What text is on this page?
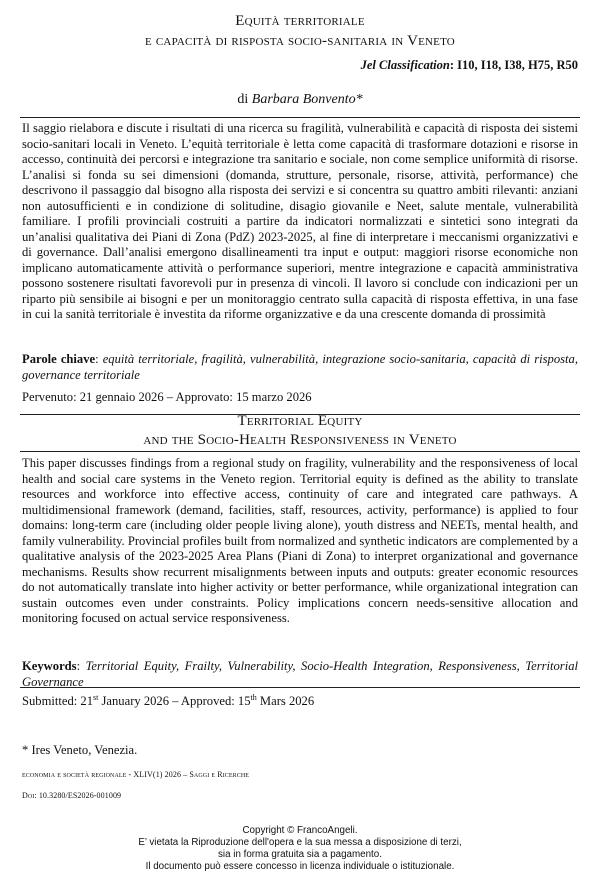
Equità territoriale
e capacità di risposta socio-sanitaria in Veneto
Jel Classification: I10, I18, I38, H75, R50
di Barbara Bonvento*
Il saggio rielabora e discute i risultati di una ricerca su fragilità, vulnerabilità e capacità di risposta dei sistemi socio-sanitari locali in Veneto. L’equità territoriale è letta come capacità di trasformare dotazioni e risorse in accesso, continuità dei percorsi e integrazione tra sanitario e sociale, non come semplice uniformità di risorse. L’analisi si fonda su sei dimensioni (domanda, strutture, personale, risorse, attività, performance) che descrivono il passaggio dal bisogno alla risposta dei servizi e si concentra su quattro ambiti rilevanti: anziani non autosufficienti e in condizione di solitudine, disagio giovanile e Neet, salute mentale, vulnerabilità familiare. I profili provinciali costruiti a partire da indicatori normalizzati e sintetici sono integrati da un’analisi qualitativa dei Piani di Zona (PdZ) 2023-2025, al fine di interpretare i meccanismi organizzativi e di governance. Dall’analisi emergono disallineamenti tra input e output: maggiori risorse economiche non implicano automaticamente attività o performance superiori, mentre integrazione e capacità amministrativa possono sostenere risultati favorevoli pur in presenza di vincoli. Il lavoro si conclude con indicazioni per un riparto più sensibile ai bisogni e per un monitoraggio centrato sulla capacità di risposta effettiva, in una fase in cui la sanità territoriale è investita da riforme organizzative e da una crescente domanda di prossimità
Parole chiave: equità territoriale, fragilità, vulnerabilità, integrazione socio-sanitaria, capacità di risposta, governance territoriale
Pervenuto: 21 gennaio 2026 – Approvato: 15 marzo 2026
Territorial Equity
and the Socio-Health Responsiveness in Veneto
This paper discusses findings from a regional study on fragility, vulnerability and the responsiveness of local health and social care systems in the Veneto region. Territorial equity is defined as the ability to translate resources and workforce into effective access, continuity of care and integrated care pathways. A multidimensional framework (demand, facilities, staff, resources, activity, performance) is applied to four domains: long-term care (including older people living alone), youth distress and NEETs, mental health, and family vulnerability. Provincial profiles built from normalized and synthetic indicators are complemented by a qualitative analysis of the 2023-2025 Area Plans (Piani di Zona) to interpret organizational and governance mechanisms. Results show recurrent misalignments between inputs and outputs: greater economic resources do not automatically translate into higher activity or better performance, while organizational integration can sustain outcomes even under constraints. Policy implications concern needs-sensitive allocation and monitoring focused on actual service responsiveness.
Keywords: Territorial Equity, Frailty, Vulnerability, Socio-Health Integration, Responsiveness, Territorial Governance
Submitted: 21st January 2026 – Approved: 15th Mars 2026
* Ires Veneto, Venezia.
economia e società regionale - XLIV(1) 2026 – Saggi e Ricerche
Doi: 10.3280/ES2026-001009
Copyright © FrancoAngeli.
E’ vietata la Riproduzione dell'opera e la sua messa a disposizione di terzi,
sia in forma gratuita sia a pagamento.
Il documento può essere concesso in licenza individuale o istituzionale.
